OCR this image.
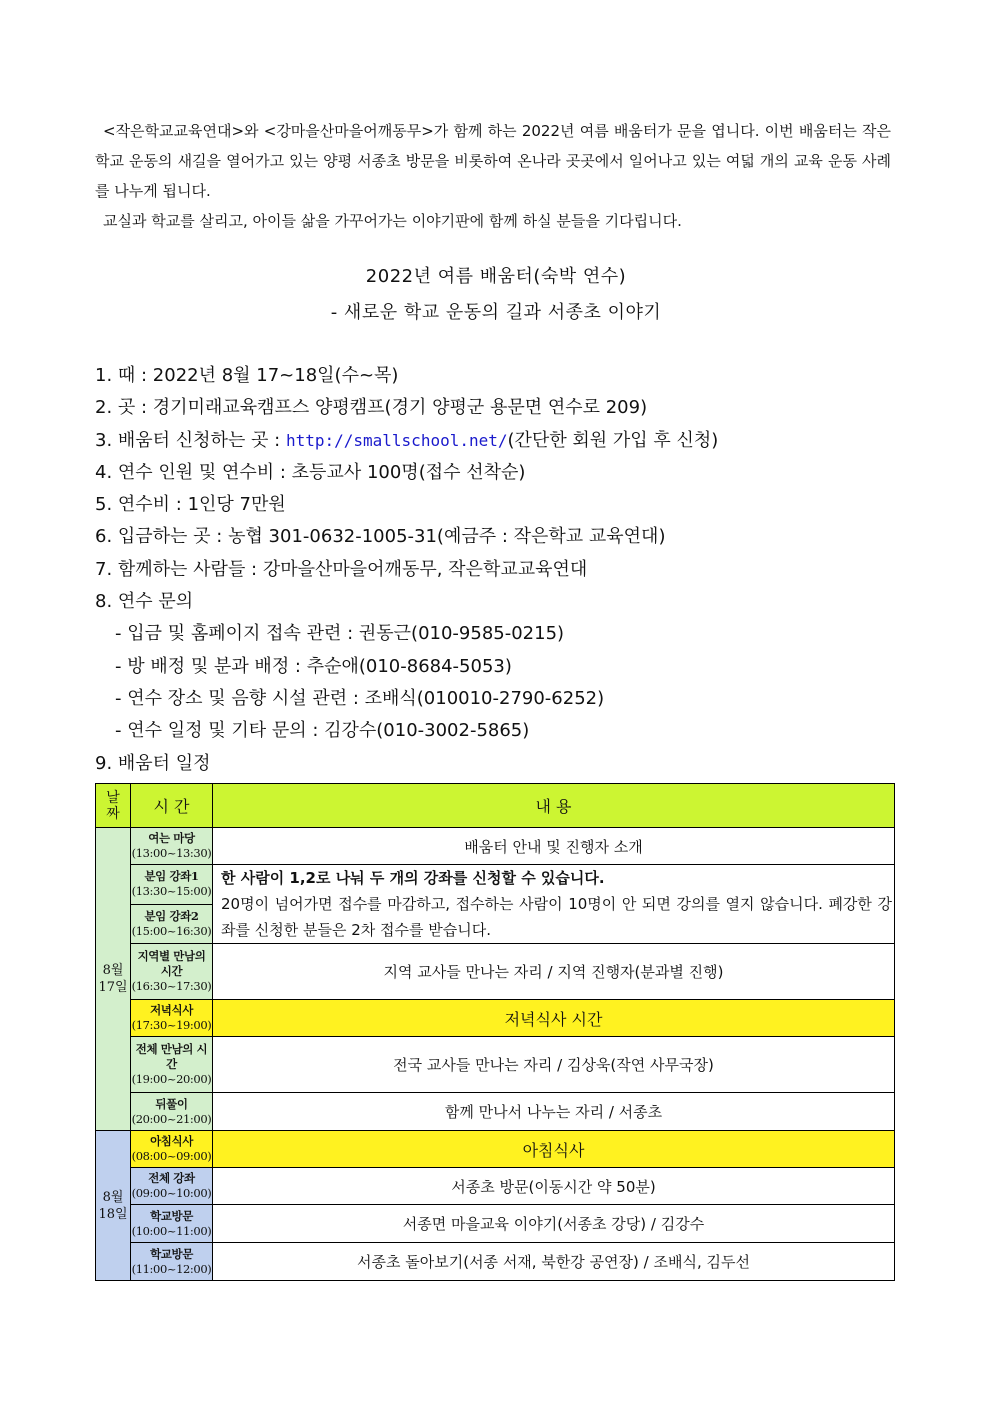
<작은학교교육연대>와 <강마을산마을어깨동무>가 함께 하는 2022년 여름 배움터가 문을 엽니다. 이번 배움터는 작은 학교 운동의 새길을 열어가고 있는 양평 서종초 방문을 비롯하여 온나라 곳곳에서 일어나고 있는 여덟 개의 교육 운동 사례를 나누게 됩니다.

교실과 학교를 살리고, 아이들 삶을 가꾸어가는 이야기판에 함께 하실 분들을 기다립니다.

2022년 여름 배움터(숙박 연수)
- 새로운 학교 운동의 길과 서종초 이야기
1. 때 : 2022년 8월 17~18일(수~목)
2. 곳 : 경기미래교육캠프스 양평캠프(경기 양평군 용문면 연수로 209)
3. 배움터 신청하는 곳 : http://smallschool.net/(간단한 회원 가입 후 신청)
4. 연수 인원 및 연수비 : 초등교사 100명(접수 선착순)
5. 연수비 : 1인당 7만원
6. 입금하는 곳 : 농협 301-0632-1005-31(예금주 : 작은학교 교육연대)
7. 함께하는 사람들 : 강마을산마을어깨동무, 작은학교교육연대
8. 연수 문의
- 입금 및 홈페이지 접속 관련 : 권동근(010-9585-0215)
- 방 배정 및 분과 배정 : 추순애(010-8684-5053)
- 연수 장소 및 음향 시설 관련 : 조배식(010010-2790-6252)
- 연수 일정 및 기타 문의 : 김강수(010-3002-5865)
9. 배움터 일정
날
짜	시 간	내 용
8월
17일	여는 마당
(13:00~13:30)	배움터 안내 및 진행자 소개
	분임 강좌1
(13:30~15:00)	한 사람이 1,2로 나눠 두 개의 강좌를 신청할 수 있습니다.
20명이 넘어가면 접수를 마감하고, 접수하는 사람이 10명이 안 되면 강의를 열지 않습니다. 폐강한 강좌를 신청한 분들은 2차 접수를 받습니다.
	분임 강좌2
(15:00~16:30)	
	지역별 만남의 시간
(16:30~17:30)	지역 교사들 만나는 자리 / 지역 진행자(분과별 진행)
	저녁식사
(17:30~19:00)	저녁식사 시간
	전체 만남의 시간
(19:00~20:00)	전국 교사들 만나는 자리 / 김상욱(작연 사무국장)
	뒤풀이
(20:00~21:00)	함께 만나서 나누는 자리 / 서종초
8월
18일	아침식사
(08:00~09:00)	아침식사
	전체 강좌
(09:00~10:00)	서종초 방문(이동시간 약 50분)
	학교방문
(10:00~11:00)	서종면 마을교육 이야기(서종초 강당) / 김강수
	학교방문
(11:00~12:00)	서종초 돌아보기(서종 서재, 북한강 공연장) / 조배식, 김두선
